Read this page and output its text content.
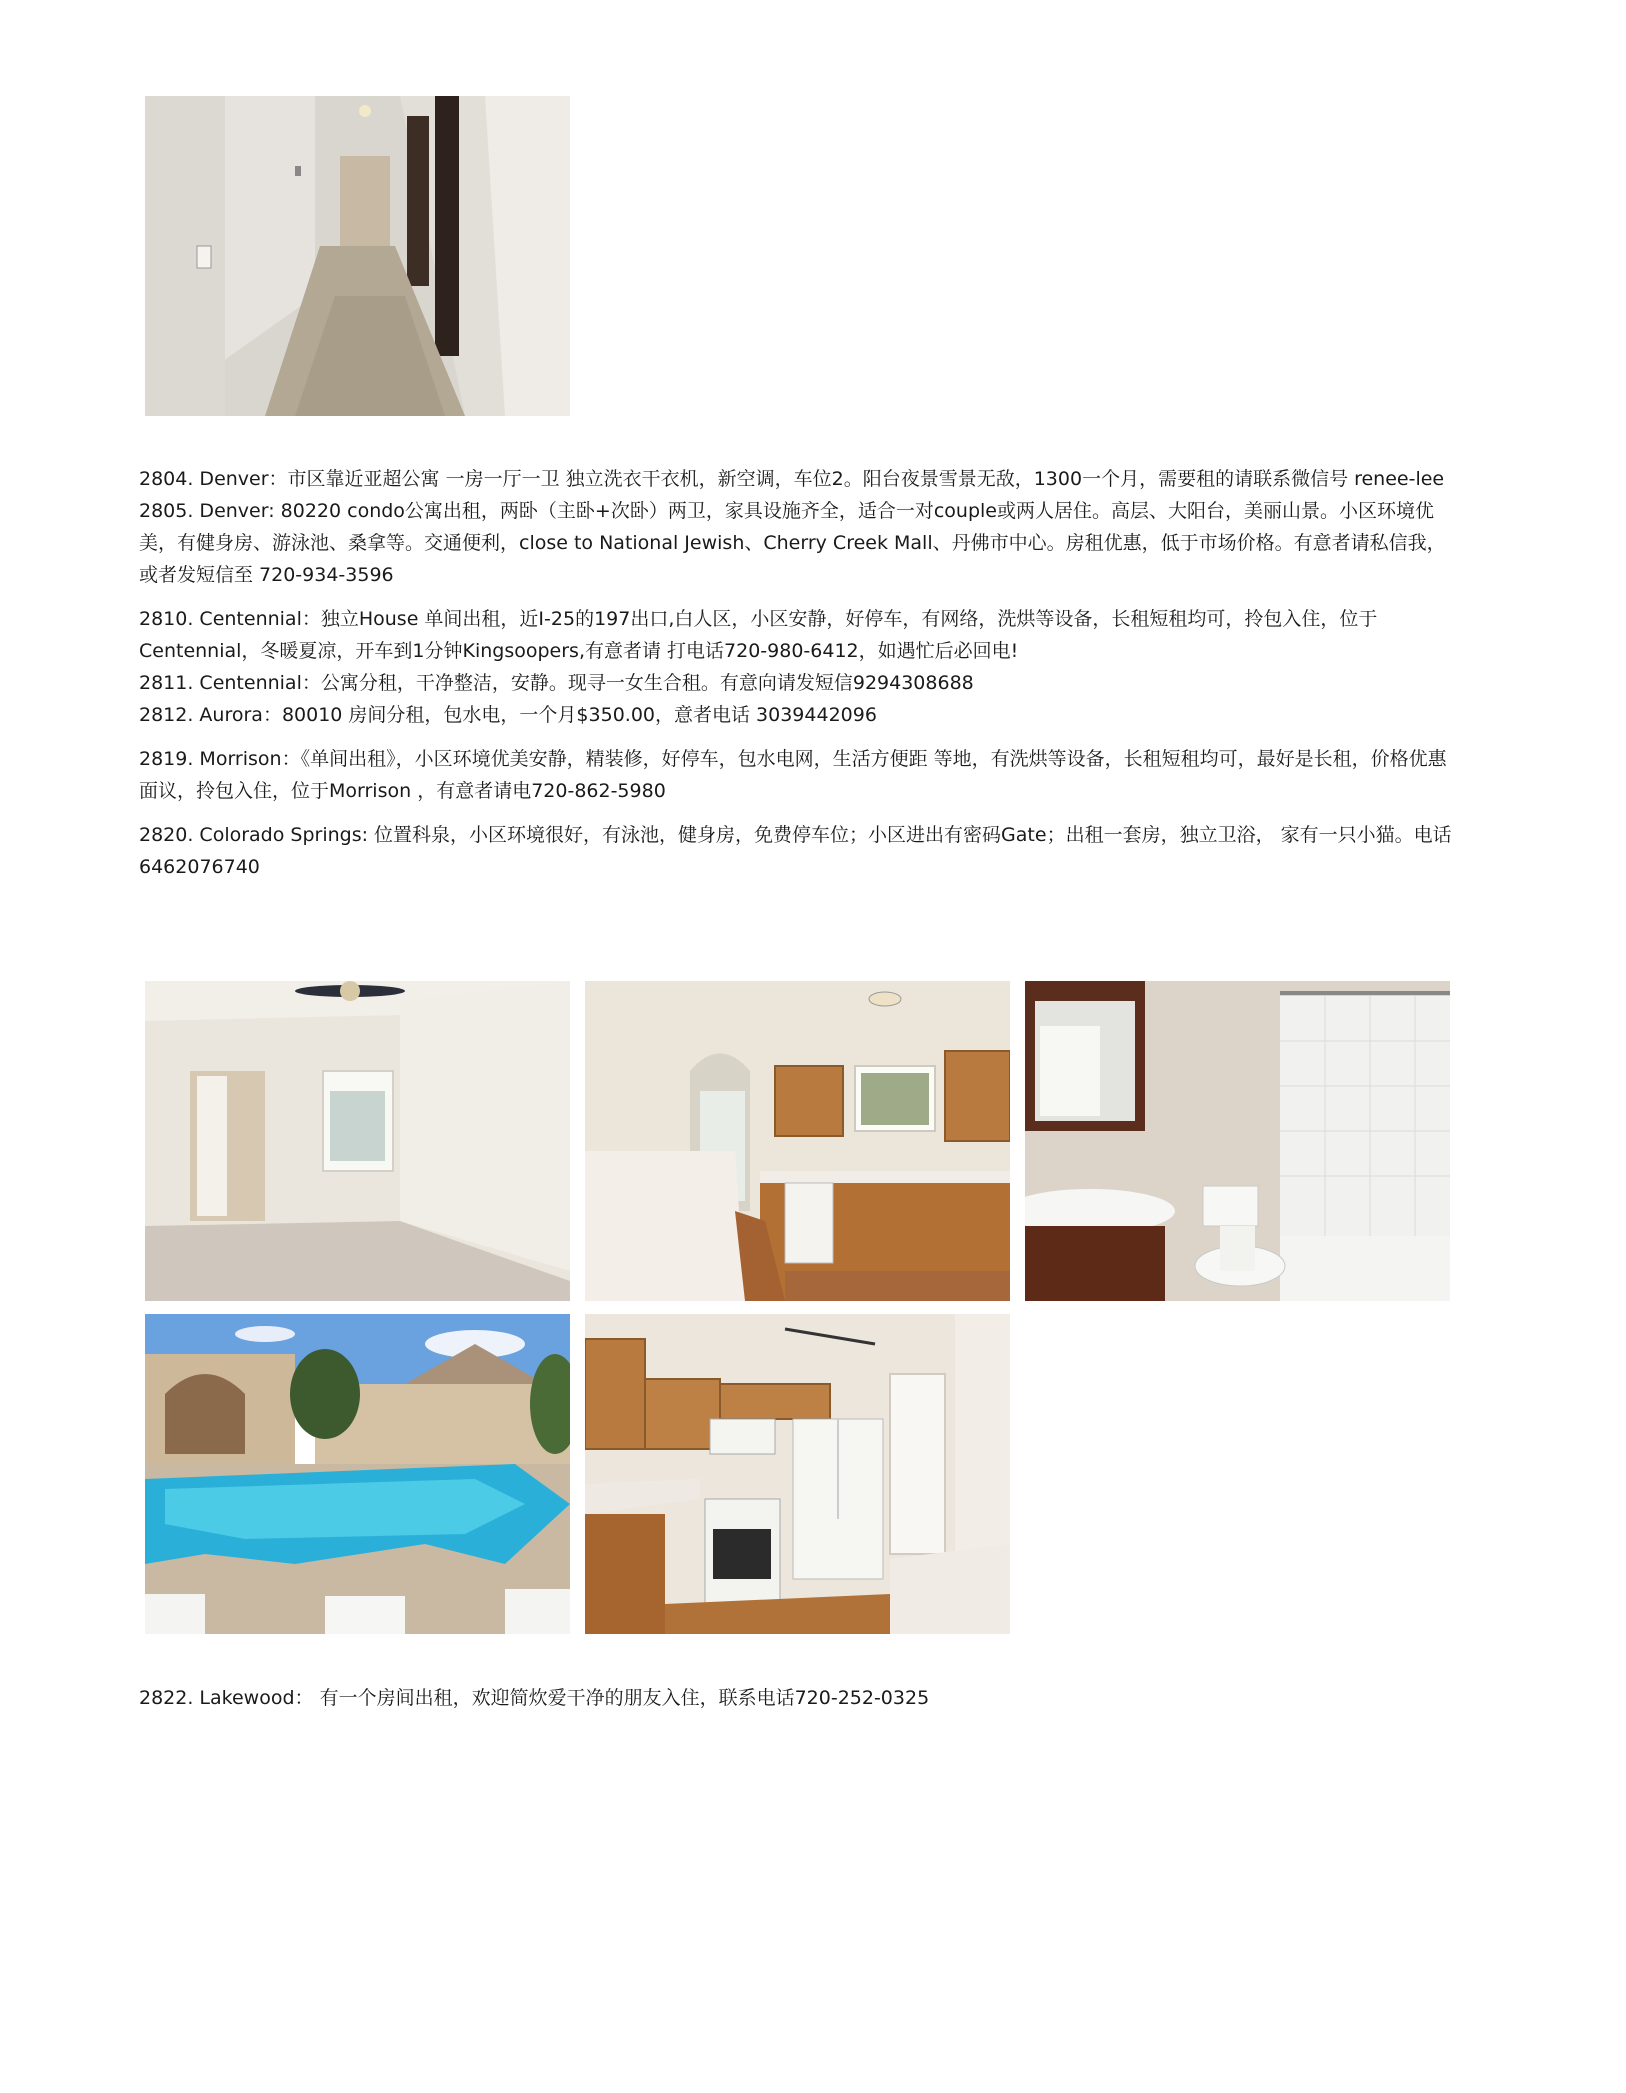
2804. Denver：市区靠近亚超公寓 一房一厅一卫 独立洗衣干衣机，新空调，车位2。阳台夜景雪景无敌，1300一个月，需要租的请联系微信号 renee-lee

2805. Denver: 80220 condo公寓出租，两卧（主卧+次卧）两卫，家具设施齐全，适合一对couple或两人居住。高层、大阳台，美丽山景。小区环境优美，有健身房、游泳池、桑拿等。交通便利，close to National Jewish、Cherry Creek Mall、丹佛市中心。房租优惠，低于市场价格。有意者请私信我，或者发短信至 720-934-3596

2810. Centennial：独立House 单间出租，近I-25的197出口,白人区，小区安静，好停车，有网络，洗烘等设备，长租短租均可，拎包入住，位于Centennial，冬暖夏凉，开车到1分钟Kingsoopers,有意者请 打电话720-980-6412，如遇忙后必回电!

2811. Centennial：公寓分租，干净整洁，安静。现寻一女生合租。有意向请发短信9294308688

2812. Aurora：80010 房间分租，包水电，一个月$350.00，意者电话 3039442096

2819. Morrison：《单间出租》，小区环境优美安静，精装修，好停车，包水电网，生活方便距 等地，有洗烘等设备，长租短租均可，最好是长租，价格优惠面议，拎包入住，位于Morrison ，有意者请电720-862-5980

2820. Colorado Springs: 位置科泉，小区环境很好，有泳池，健身房，免费停车位；小区进出有密码Gate；出租一套房，独立卫浴， 家有一只小猫。电话6462076740

2822. Lakewood： 有一个房间出租，欢迎简炊爱干净的朋友入住，联系电话720-252-0325
